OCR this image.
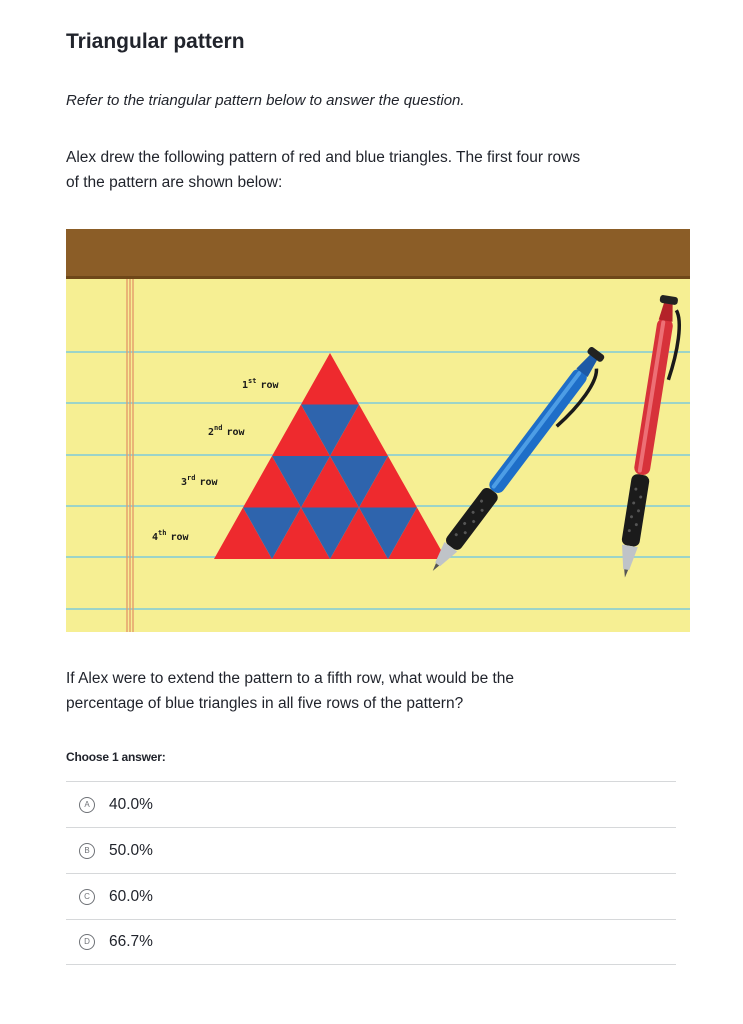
Triangular pattern
Refer to the triangular pattern below to answer the question.
Alex drew the following pattern of red and blue triangles. The first four rows
of the pattern are shown below:
1st row
2nd row
3rd row
4th row
If Alex were to extend the pattern to a fifth row, what would be the
percentage of blue triangles in all five rows of the pattern?
Choose 1 answer:
A	40.0%
B	50.0%
C	60.0%
D	66.7%
